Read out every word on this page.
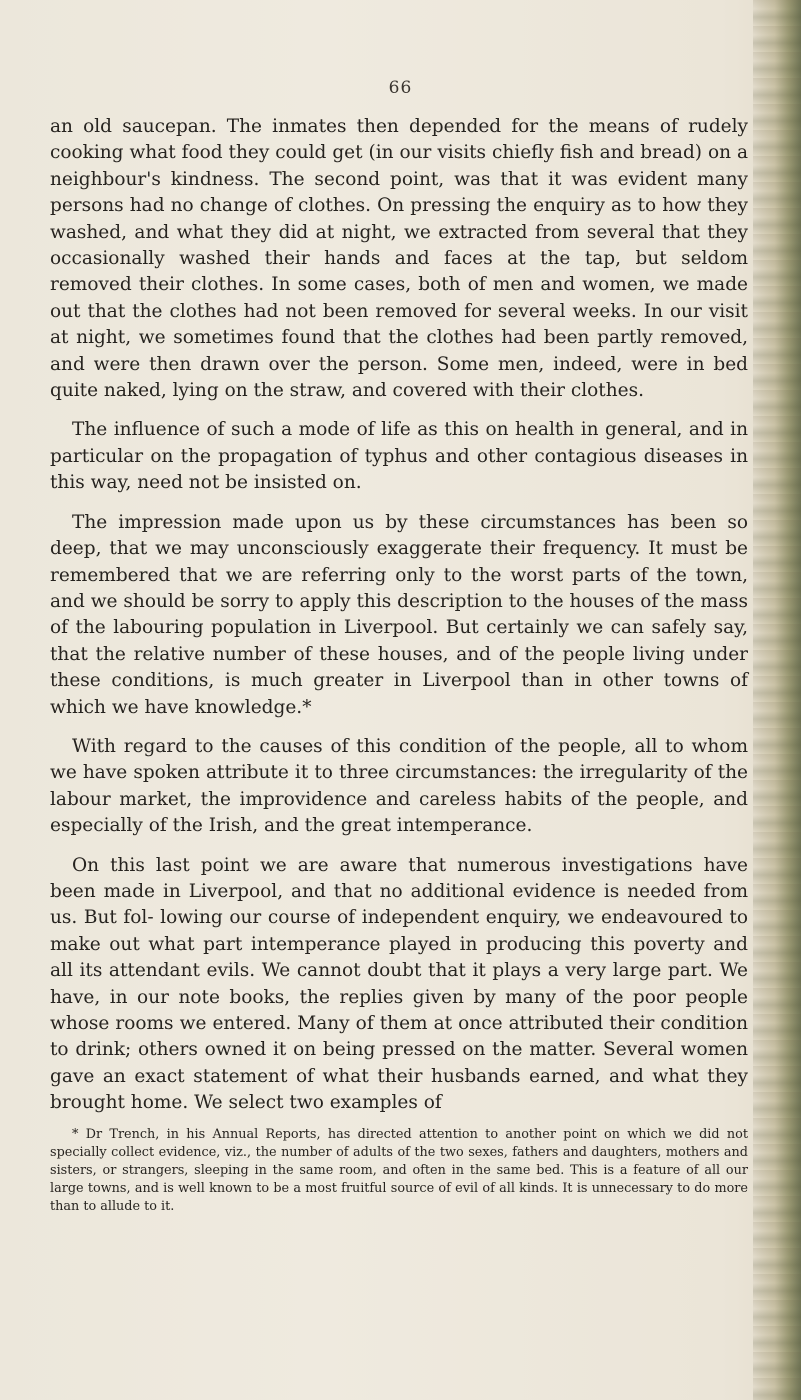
66

an old saucepan. The inmates then depended for the means of rudely cooking what food they could get (in our visits chiefly fish and bread) on a neighbour's kindness. The second point, was that it was evident many persons had no change of clothes. On pressing the enquiry as to how they washed, and what they did at night, we extracted from several that they occasionally washed their hands and faces at the tap, but seldom removed their clothes. In some cases, both of men and women, we made out that the clothes had not been removed for several weeks. In our visit at night, we sometimes found that the clothes had been partly removed, and were then drawn over the person. Some men, indeed, were in bed quite naked, lying on the straw, and covered with their clothes.

The influence of such a mode of life as this on health in general, and in particular on the propagation of typhus and other contagious diseases in this way, need not be insisted on.

The impression made upon us by these circumstances has been so deep, that we may unconsciously exaggerate their frequency. It must be remembered that we are referring only to the worst parts of the town, and we should be sorry to apply this description to the houses of the mass of the labouring population in Liverpool. But certainly we can safely say, that the relative number of these houses, and of the people living under these conditions, is much greater in Liverpool than in other towns of which we have knowledge.*

With regard to the causes of this condition of the people, all to whom we have spoken attribute it to three circumstances: the irregularity of the labour market, the improvidence and careless habits of the people, and especially of the Irish, and the great intemperance.

On this last point we are aware that numerous investigations have been made in Liverpool, and that no additional evidence is needed from us. But fol- lowing our course of independent enquiry, we endeavoured to make out what part intemperance played in producing this poverty and all its attendant evils. We cannot doubt that it plays a very large part. We have, in our note books, the replies given by many of the poor people whose rooms we entered. Many of them at once attributed their condition to drink; others owned it on being pressed on the matter. Several women gave an exact statement of what their husbands earned, and what they brought home. We select two examples of

* Dr Trench, in his Annual Reports, has directed attention to another point on which we did not specially collect evidence, viz., the number of adults of the two sexes, fathers and daughters, mothers and sisters, or strangers, sleeping in the same room, and often in the same bed. This is a feature of all our large towns, and is well known to be a most fruitful source of evil of all kinds. It is unnecessary to do more than to allude to it.
